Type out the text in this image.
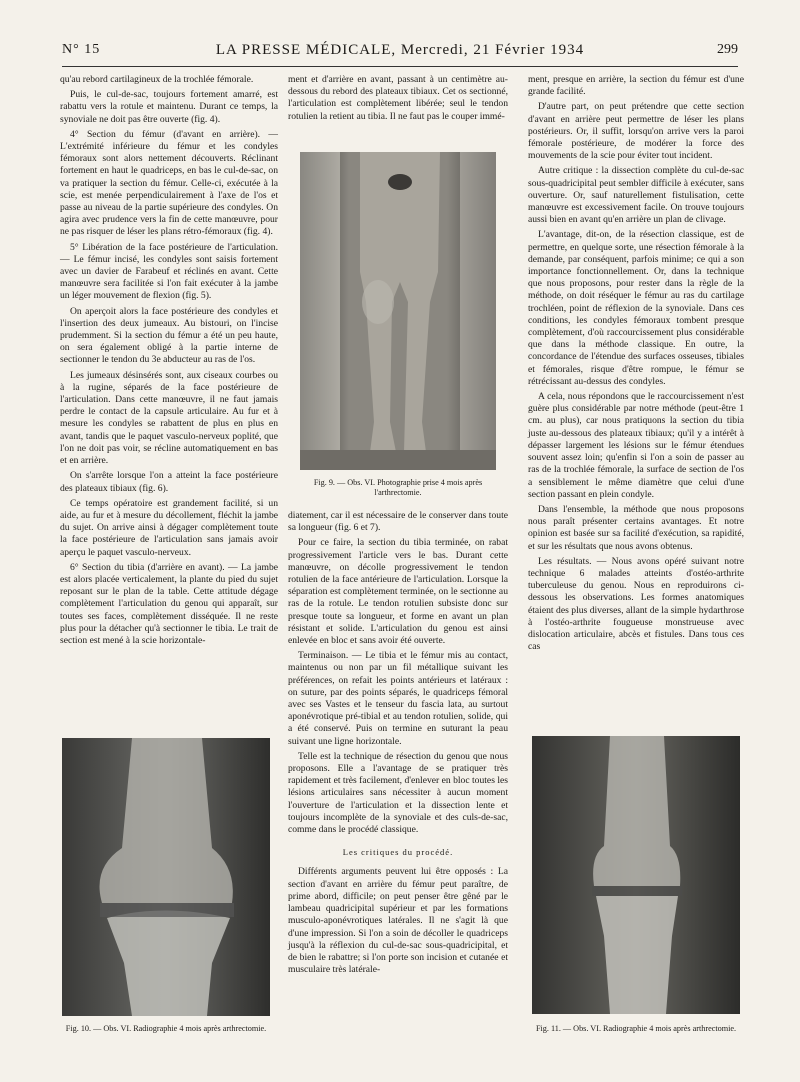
N° 15	LA PRESSE MÉDICALE, Mercredi, 21 Février 1934	299

qu'au rebord cartilagineux de la trochlée fémorale.

Puis, le cul-de-sac, toujours fortement amarré, est rabattu vers la rotule et maintenu. Durant ce temps, la synoviale ne doit pas être ouverte (fig. 4).

4° Section du fémur (d'avant en arrière). — L'extrémité inférieure du fémur et les condyles fémoraux sont alors nettement découverts. Réclinant fortement en haut le quadriceps, en bas le cul-de-sac, on va pratiquer la section du fémur. Celle-ci, exécutée à la scie, est menée perpendiculairement à l'axe de l'os et passe au niveau de la partie supérieure des condyles. On agira avec prudence vers la fin de cette manœuvre, pour ne pas risquer de léser les plans rétro-fémoraux (fig. 4).

5° Libération de la face postérieure de l'articulation. — Le fémur incisé, les condyles sont saisis fortement avec un davier de Farabeuf et réclinés en avant. Cette manœuvre sera facilitée si l'on fait exécuter à la jambe un léger mouvement de flexion (fig. 5).

On aperçoit alors la face postérieure des condyles et l'insertion des deux jumeaux. Au bistouri, on l'incise prudemment. Si la section du fémur a été un peu haute, on sera également obligé à la partie interne de sectionner le tendon du 3e abducteur au ras de l'os.

Les jumeaux désinsérés sont, aux ciseaux courbes ou à la rugine, séparés de la face postérieure de l'articulation. Dans cette manœuvre, il ne faut jamais perdre le contact de la capsule articulaire. Au fur et à mesure les condyles se rabattent de plus en plus en avant, tandis que le paquet vasculo-nerveux poplité, que l'on ne doit pas voir, se récline automatiquement en bas et en arrière.

On s'arrête lorsque l'on a atteint la face postérieure des plateaux tibiaux (fig. 6).

Ce temps opératoire est grandement facilité, si un aide, au fur et à mesure du décollement, fléchit la jambe du sujet. On arrive ainsi à dégager complètement toute la face postérieure de l'articulation sans jamais avoir aperçu le paquet vasculo-nerveux.

6° Section du tibia (d'arrière en avant). — La jambe est alors placée verticalement, la plante du pied du sujet reposant sur le plan de la table. Cette attitude dégage complètement l'articulation du genou qui apparaît, sur toutes ses faces, complètement disséquée. Il ne reste plus pour la détacher qu'à sectionner le tibia. Le trait de section est mené à la scie horizontale-

Fig. 10. — Obs. VI. Radiographie 4 mois après arthrectomie.

ment et d'arrière en avant, passant à un centimètre au-dessous du rebord des plateaux tibiaux. Cet os sectionné, l'articulation est complètement libérée; seul le tendon rotulien la retient au tibia. Il ne faut pas le couper immé-

Fig. 9. — Obs. VI. Photographie prise 4 mois après l'arthrectomie.

diatement, car il est nécessaire de le conserver dans toute sa longueur (fig. 6 et 7).

Pour ce faire, la section du tibia terminée, on rabat progressivement l'article vers le bas. Durant cette manœuvre, on décolle progressivement le tendon rotulien de la face antérieure de l'articulation. Lorsque la séparation est complètement terminée, on le sectionne au ras de la rotule. Le tendon rotulien subsiste donc sur presque toute sa longueur, et forme en avant un plan résistant et solide. L'articulation du genou est ainsi enlevée en bloc et sans avoir été ouverte.

Terminaison. — Le tibia et le fémur mis au contact, maintenus ou non par un fil métallique suivant les préférences, on refait les points antérieurs et latéraux : on suture, par des points séparés, le quadriceps fémoral avec ses Vastes et le tenseur du fascia lata, au surtout aponévrotique pré-tibial et au tendon rotulien, solide, qui a été conservé. Puis on termine en suturant la peau suivant une ligne horizontale.

Telle est la technique de résection du genou que nous proposons. Elle a l'avantage de se pratiquer très rapidement et très facilement, d'enlever en bloc toutes les lésions articulaires sans nécessiter à aucun moment l'ouverture de l'articulation et la dissection lente et toujours incomplète de la synoviale et des culs-de-sac, comme dans le procédé classique.

Les critiques du procédé.

Différents arguments peuvent lui être opposés : La section d'avant en arrière du fémur peut paraître, de prime abord, difficile; on peut penser être gêné par le lambeau quadricipital supérieur et par les formations musculo-aponévrotiques latérales. Il ne s'agit là que d'une impression. Si l'on a soin de décoller le quadriceps jusqu'à la réflexion du cul-de-sac sous-quadricipital, et de bien le rabattre; si l'on porte son incision et cutanée et musculaire très latérale-

ment, presque en arrière, la section du fémur est d'une grande facilité.

D'autre part, on peut prétendre que cette section d'avant en arrière peut permettre de léser les plans postérieurs. Or, il suffit, lorsqu'on arrive vers la paroi fémorale postérieure, de modérer la force des mouvements de la scie pour éviter tout incident.

Autre critique : la dissection complète du cul-de-sac sous-quadricipital peut sembler difficile à exécuter, sans ouverture. Or, sauf naturellement fistulisation, cette manœuvre est excessivement facile. On trouve toujours aussi bien en avant qu'en arrière un plan de clivage.

L'avantage, dit-on, de la résection classique, est de permettre, en quelque sorte, une résection fémorale à la demande, par conséquent, parfois minime; ce qui a son importance fonctionnellement. Or, dans la technique que nous proposons, pour rester dans la règle de la méthode, on doit réséquer le fémur au ras du cartilage trochléen, point de réflexion de la synoviale. Dans ces conditions, les condyles fémoraux tombent presque complètement, d'où raccourcissement plus considérable que dans la méthode classique. En outre, la concordance de l'étendue des surfaces osseuses, tibiales et fémorales, risque d'être rompue, le fémur se rétrécissant au-dessus des condyles.

A cela, nous répondons que le raccourcissement n'est guère plus considérable par notre méthode (peut-être 1 cm. au plus), car nous pratiquons la section du tibia juste au-dessous des plateaux tibiaux; qu'il y a intérêt à dépasser largement les lésions sur le fémur étendues souvent assez loin; qu'enfin si l'on a soin de passer au ras de la trochlée fémorale, la surface de section de l'os a sensiblement le même diamètre que celui d'une section passant en plein condyle.

Dans l'ensemble, la méthode que nous proposons nous paraît présenter certains avantages. Et notre opinion est basée sur sa facilité d'exécution, sa rapidité, et sur les résultats que nous avons obtenus.

Les résultats. — Nous avons opéré suivant notre technique 6 malades atteints d'ostéo-arthrite tuberculeuse du genou. Nous en reproduirons ci-dessous les observations. Les formes anatomiques étaient des plus diverses, allant de la simple hydarthrose à l'ostéo-arthrite fougueuse monstrueuse avec dislocation articulaire, abcès et fistules. Dans tous ces cas

Fig. 11. — Obs. VI. Radiographie 4 mois après arthrectomie.
